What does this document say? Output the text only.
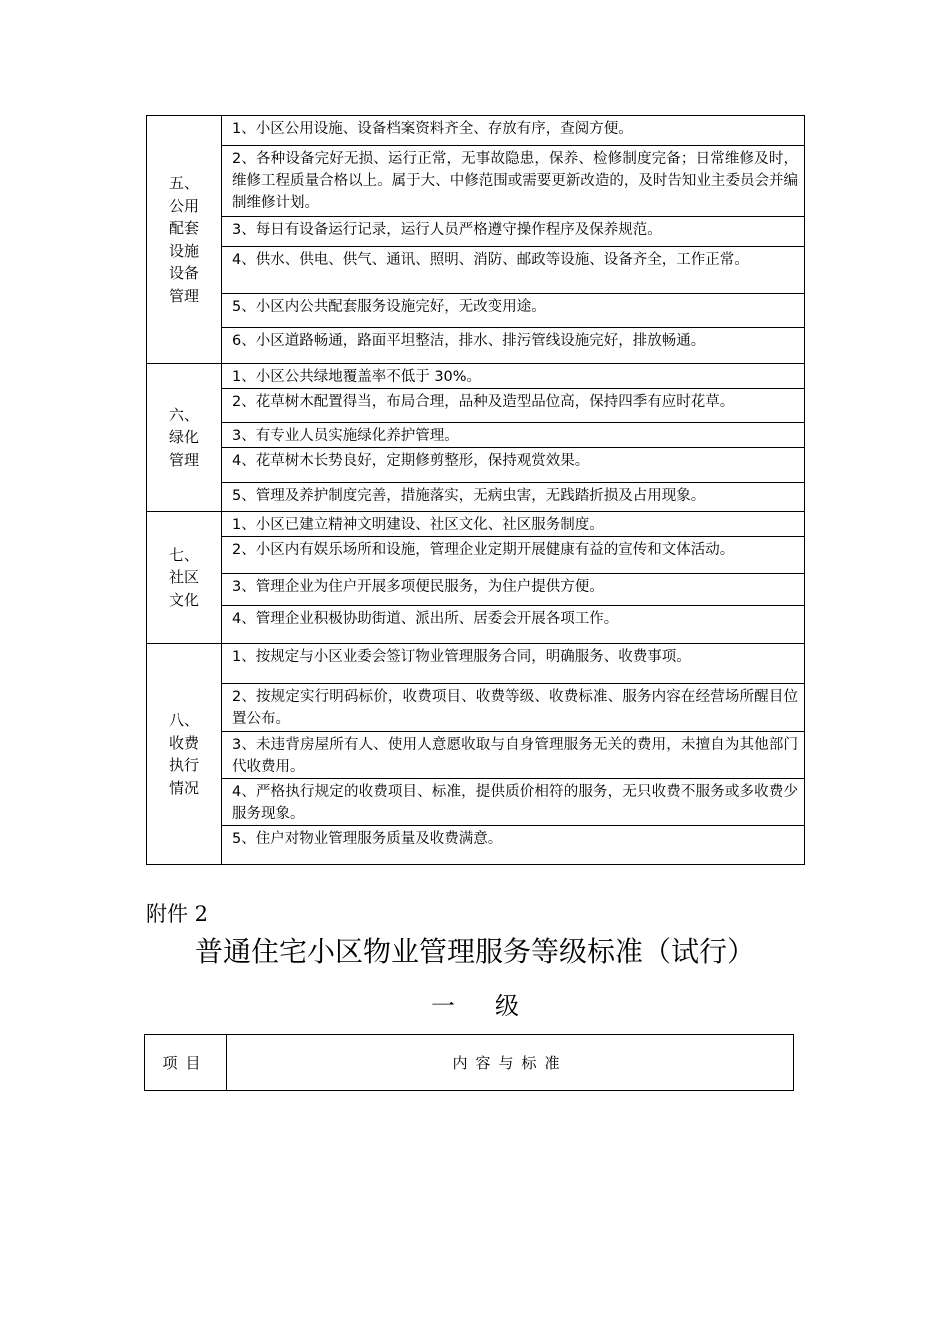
五、公用配套设施设备管理	1、小区公用设施、设备档案资料齐全、存放有序，查阅方便。
	2、各种设备完好无损、运行正常，无事故隐患，保养、检修制度完备；日常维修及时，维修工程质量合格以上。属于大、中修范围或需要更新改造的，及时告知业主委员会并编制维修计划。
	3、每日有设备运行记录，运行人员严格遵守操作程序及保养规范。
	4、供水、供电、供气、通讯、照明、消防、邮政等设施、设备齐全，工作正常。
	5、小区内公共配套服务设施完好，无改变用途。
	6、小区道路畅通，路面平坦整洁，排水、排污管线设施完好，排放畅通。
六、绿化管理	1、小区公共绿地覆盖率不低于 30%。
	2、花草树木配置得当，布局合理，品种及造型品位高，保持四季有应时花草。
	3、有专业人员实施绿化养护管理。
	4、花草树木长势良好，定期修剪整形，保持观赏效果。
	5、管理及养护制度完善，措施落实，无病虫害，无践踏折损及占用现象。
七、社区文化	1、小区已建立精神文明建设、社区文化、社区服务制度。
	2、小区内有娱乐场所和设施，管理企业定期开展健康有益的宣传和文体活动。
	3、管理企业为住户开展多项便民服务，为住户提供方便。
	4、管理企业积极协助街道、派出所、居委会开展各项工作。
八、收费执行情况	1、按规定与小区业委会签订物业管理服务合同，明确服务、收费事项。
	2、按规定实行明码标价，收费项目、收费等级、收费标准、服务内容在经营场所醒目位置公布。
	3、未违背房屋所有人、使用人意愿收取与自身管理服务无关的费用，未擅自为其他部门代收费用。
	4、严格执行规定的收费项目、标准，提供质价相符的服务，无只收费不服务或多收费少服务现象。
	5、住户对物业管理服务质量及收费满意。
附件 2
普通住宅小区物业管理服务等级标准（试行）
一 级
项目	内容与标准
